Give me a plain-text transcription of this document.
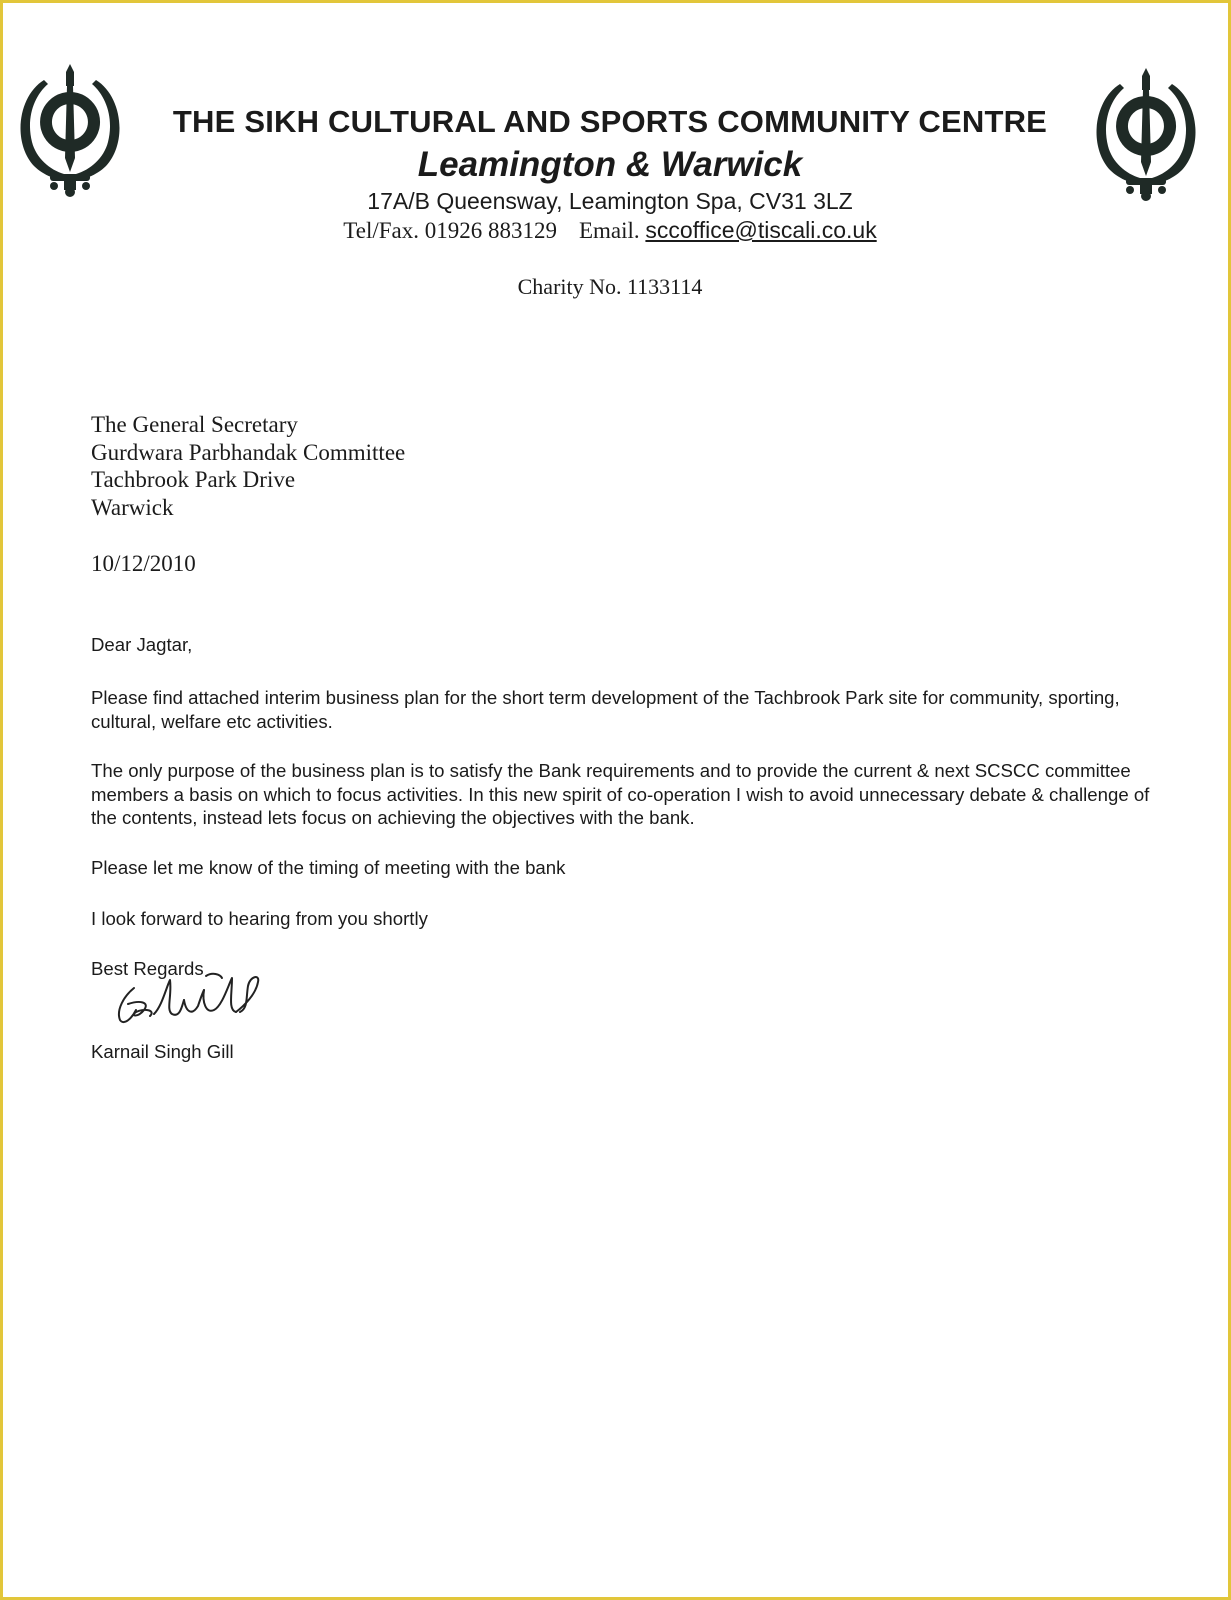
THE SIKH CULTURAL AND SPORTS COMMUNITY CENTRE
Leamington & Warwick
17A/B Queensway, Leamington Spa, CV31 3LZ
Tel/Fax. 01926 883129 Email. sccoffice@tiscali.co.uk
Charity No. 1133114
The General Secretary
Gurdwara Parbhandak Committee
Tachbrook Park Drive
Warwick
10/12/2010

Dear Jagtar,

Please find attached interim business plan for the short term development of the Tachbrook Park site for community, sporting, cultural, welfare etc activities.

The only purpose of the business plan is to satisfy the Bank requirements and to provide the current & next SCSCC committee members a basis on which to focus activities. In this new spirit of co-operation I wish to avoid unnecessary debate & challenge of the contents, instead lets focus on achieving the objectives with the bank.

Please let me know of the timing of meeting with the bank

I look forward to hearing from you shortly

Best Regards

Karnail Singh Gill
